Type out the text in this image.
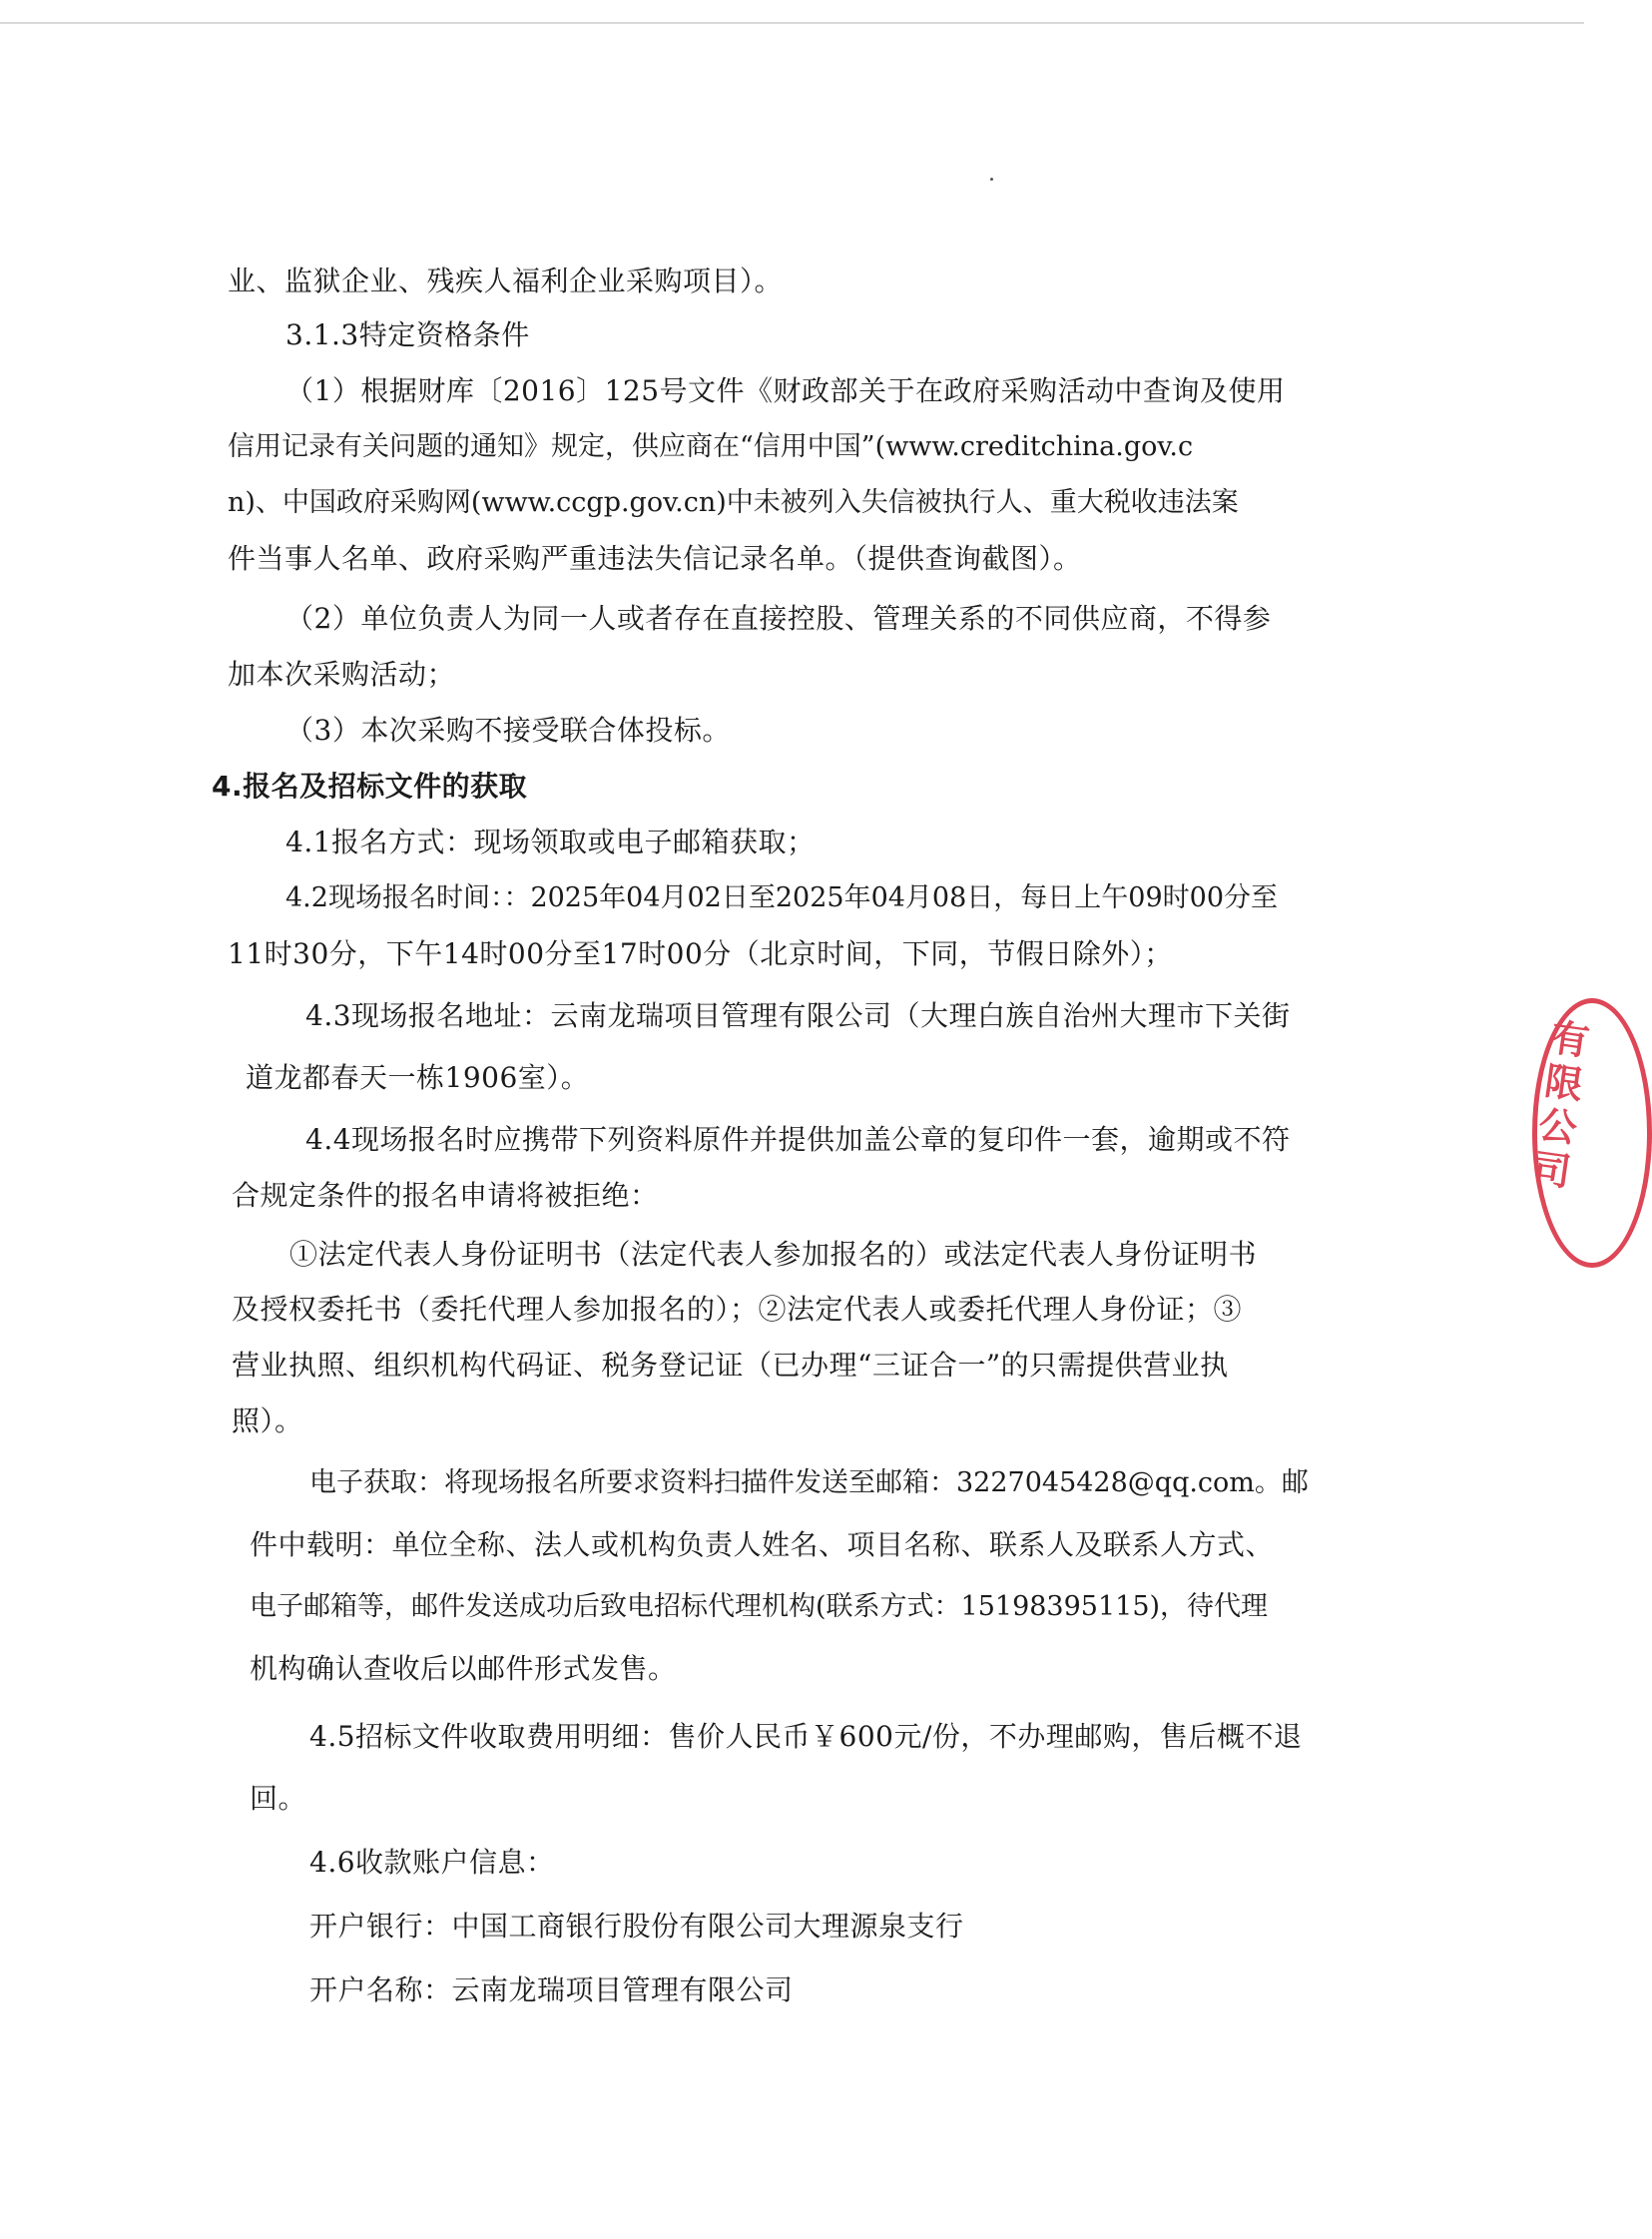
业、监狱企业、残疾人福利企业采购项目）。
3.1.3特定资格条件
（1）根据财库〔2016〕125号文件《财政部关于在政府采购活动中查询及使用
信用记录有关问题的通知》规定，供应商在“信用中国”(www.creditchina.gov.c
n)、中国政府采购网(www.ccgp.gov.cn)中未被列入失信被执行人、重大税收违法案
件当事人名单、政府采购严重违法失信记录名单。（提供查询截图）。
（2）单位负责人为同一人或者存在直接控股、管理关系的不同供应商，不得参
加本次采购活动；
（3）本次采购不接受联合体投标。
4.报名及招标文件的获取
4.1报名方式：现场领取或电子邮箱获取；
4.2现场报名时间：：2025年04月02日至2025年04月08日，每日上午09时00分至
11时30分，下午14时00分至17时00分（北京时间，下同，节假日除外）；
4.3现场报名地址：云南龙瑞项目管理有限公司（大理白族自治州大理市下关街
道龙都春天一栋1906室）。
4.4现场报名时应携带下列资料原件并提供加盖公章的复印件一套，逾期或不符
合规定条件的报名申请将被拒绝：
①法定代表人身份证明书（法定代表人参加报名的）或法定代表人身份证明书
及授权委托书（委托代理人参加报名的）；②法定代表人或委托代理人身份证；③
营业执照、组织机构代码证、税务登记证（已办理“三证合一”的只需提供营业执
照）。
电子获取：将现场报名所要求资料扫描件发送至邮箱：3227045428@qq.com。邮
件中载明：单位全称、法人或机构负责人姓名、项目名称、联系人及联系人方式、
电子邮箱等，邮件发送成功后致电招标代理机构(联系方式：15198395115)，待代理
机构确认查收后以邮件形式发售。
4.5招标文件收取费用明细：售价人民币￥600元/份，不办理邮购，售后概不退
回。
4.6收款账户信息：
开户银行：中国工商银行股份有限公司大理源泉支行
开户名称：云南龙瑞项目管理有限公司
有限公司
